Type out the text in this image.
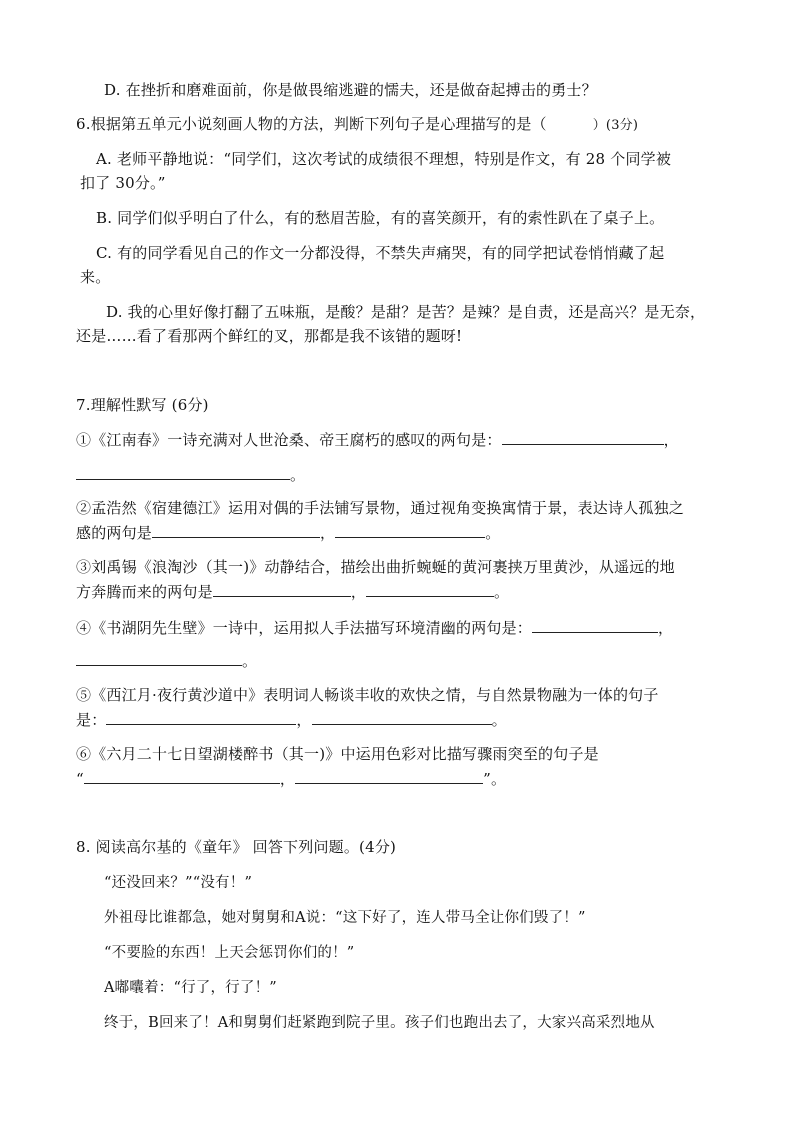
D. 在挫折和磨难面前，你是做畏缩逃避的懦夫，还是做奋起搏击的勇士？
6.根据第五单元小说刻画人物的方法，判断下列句子是心理描写的是（	）(3分)
A. 老师平静地说：“同学们，这次考试的成绩很不理想，特别是作文，有 28 个同学被
扣了 30分。”
B. 同学们似乎明白了什么，有的愁眉苦脸，有的喜笑颜开，有的索性趴在了桌子上。
C. 有的同学看见自己的作文一分都没得，不禁失声痛哭，有的同学把试卷悄悄藏了起
来。
D. 我的心里好像打翻了五味瓶，是酸？是甜？是苦？是辣？是自责，还是高兴？是无奈，
还是……看了看那两个鲜红的叉，那都是我不该错的题呀!
7.理解性默写 (6分)
①《江南春》一诗充满对人世沧桑、帝王腐朽的感叹的两句是：	，
。
②孟浩然《宿建德江》运用对偶的手法铺写景物，通过视角变换寓情于景，表达诗人孤独之
感的两句是	，	。
③刘禹锡《浪淘沙（其一)》动静结合，描绘出曲折蜿蜒的黄河裹挟万里黄沙，从遥远的地
方奔腾而来的两句是	，	。
④《书湖阴先生壁》一诗中，运用拟人手法描写环境清幽的两句是：	，
。
⑤《西江月·夜行黄沙道中》表明词人畅谈丰收的欢快之情，与自然景物融为一体的句子
是：	，	。
⑥《六月二十七日望湖楼醉书（其一)》中运用色彩对比描写骤雨突至的句子是
“	，	”。
8. 阅读高尔基的《童年》 回答下列问题。(4分)
“还没回来？”“没有！”
外祖母比谁都急，她对舅舅和A说：“这下好了，连人带马全让你们毁了！”
“不要脸的东西！上天会惩罚你们的！”
A嘟囔着：“行了，行了！”
终于，B回来了！A和舅舅们赶紧跑到院子里。孩子们也跑出去了，大家兴高采烈地从
